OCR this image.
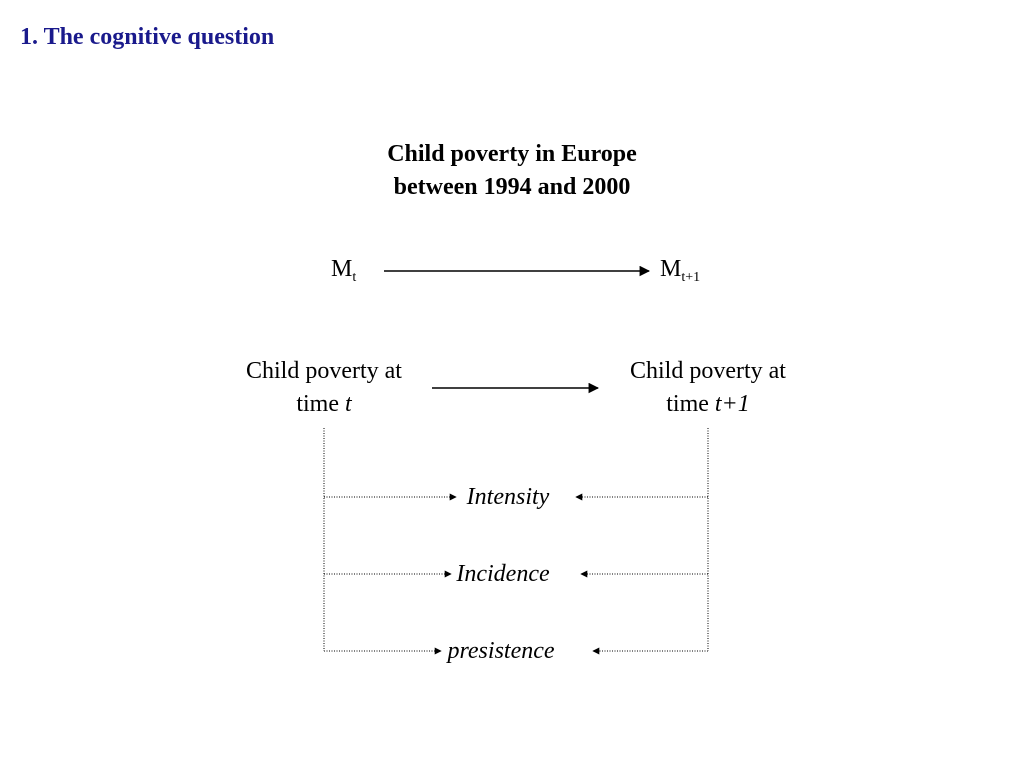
1. The cognitive question
Child poverty in Europe
between 1994 and 2000
$M_t$	$M_{t+1}$
Child poverty at
time t
Child poverty at
time t+1
Intensity
Incidence
presistence
